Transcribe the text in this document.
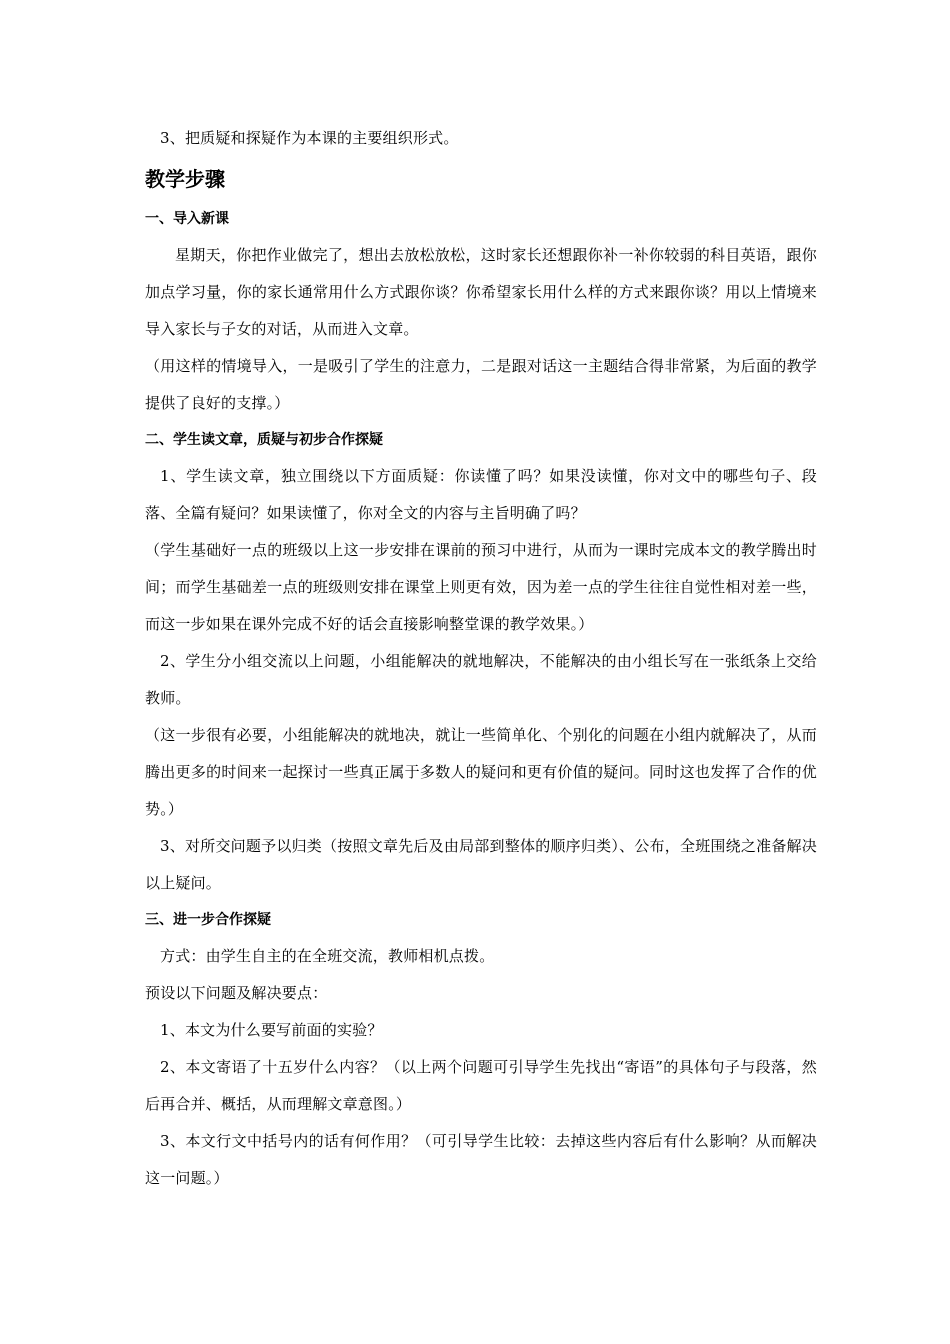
3、把质疑和探疑作为本课的主要组织形式。

教学步骤
一、导入新课

星期天，你把作业做完了，想出去放松放松，这时家长还想跟你补一补你较弱的科目英语，跟你加点学习量，你的家长通常用什么方式跟你谈？你希望家长用什么样的方式来跟你谈？用以上情境来导入家长与子女的对话，从而进入文章。

（用这样的情境导入，一是吸引了学生的注意力，二是跟对话这一主题结合得非常紧，为后面的教学提供了良好的支撑。）

二、学生读文章，质疑与初步合作探疑

1、学生读文章，独立围绕以下方面质疑：你读懂了吗？如果没读懂，你对文中的哪些句子、段落、全篇有疑问？如果读懂了，你对全文的内容与主旨明确了吗？

（学生基础好一点的班级以上这一步安排在课前的预习中进行，从而为一课时完成本文的教学腾出时间；而学生基础差一点的班级则安排在课堂上则更有效，因为差一点的学生往往自觉性相对差一些，而这一步如果在课外完成不好的话会直接影响整堂课的教学效果。）

2、学生分小组交流以上问题，小组能解决的就地解决，不能解决的由小组长写在一张纸条上交给教师。

（这一步很有必要，小组能解决的就地决，就让一些简单化、个别化的问题在小组内就解决了，从而腾出更多的时间来一起探讨一些真正属于多数人的疑问和更有价值的疑问。同时这也发挥了合作的优势。）

3、对所交问题予以归类（按照文章先后及由局部到整体的顺序归类）、公布，全班围绕之准备解决以上疑问。

三、进一步合作探疑

方式：由学生自主的在全班交流，教师相机点拨。

预设以下问题及解决要点：

1、本文为什么要写前面的实验？

2、本文寄语了十五岁什么内容？（以上两个问题可引导学生先找出“寄语”的具体句子与段落，然后再合并、概括，从而理解文章意图。）

3、本文行文中括号内的话有何作用？（可引导学生比较：去掉这些内容后有什么影响？从而解决这一问题。）
